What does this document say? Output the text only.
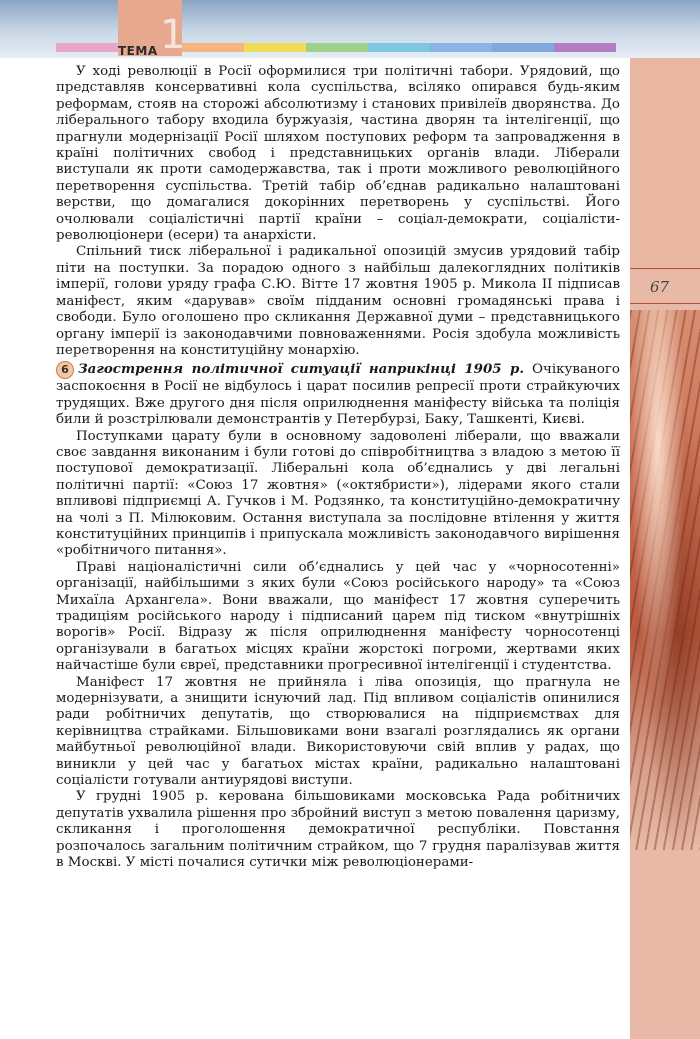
ТЕМА 1
67

У ході революції в Росії оформилися три політичні табори. Урядовий, що представляв консервативні кола суспільства, всіляко опирався будь-яким реформам, стояв на сторожі абсолютизму і станових привілеїв дворянства. До ліберального табору входила буржуазія, частина дворян та інтелігенції, що прагнули модернізації Росії шляхом поступових реформ та запровадження в країні політичних свобод і представницьких органів влади. Ліберали виступали як проти самодержавства, так і проти можливого революційного перетворення суспільства. Третій табір об’єднав радикально налаштовані верстви, що домагалися докорінних перетворень у суспільстві. Його очолювали соціалістичні партії країни – соціал-демократи, соціалісти-революціонери (есери) та анархісти.

Спільний тиск ліберальної і радикальної опозицій змусив урядовий табір піти на поступки. За порадою одного з найбільш далекоглядних політиків імперії, голови уряду графа С.Ю. Вітте 17 жовтня 1905 р. Микола II підписав маніфест, яким «дарував» своїм підданим основні громадянські права і свободи. Було оголошено про скликання Державної думи – представницького органу імперії із законодавчими повноваженнями. Росія здобула можливість перетворення на конституційну монархію.

6 Загострення політичної ситуації наприкінці 1905 р. Очікуваного заспокоєння в Росії не відбулось і царат посилив репресії проти страйкуючих трудящих. Вже другого дня після оприлюднення маніфесту війська та поліція били й розстрілювали демонстрантів у Петербурзі, Баку, Ташкенті, Києві.

Поступками царату були в основному задоволені ліберали, що вважали своє завдання виконаним і були готові до співробітництва з владою з метою її поступової демократизації. Ліберальні кола об’єднались у дві легальні політичні партії: «Союз 17 жовтня» («октябристи»), лідерами якого стали впливові підприємці А. Гучков і М. Родзянко, та конституційно-демократичну на чолі з П. Мілюковим. Остання виступала за послідовне втілення у життя конституційних принципів і припускала можливість законодавчого вирішення «робітничого питання».

Праві націоналістичні сили об’єднались у цей час у «чорносотенні» організації, найбільшими з яких були «Союз російського народу» та «Союз Михаїла Архангела». Вони вважали, що маніфест 17 жовтня суперечить традиціям російського народу і підписаний царем під тиском «внутрішніх ворогів» Росії. Відразу ж після оприлюднення маніфесту чорносотенці організували в багатьох місцях країни жорстокі погроми, жертвами яких найчастіше були євреї, представники прогресивної інтелігенції і студентства.

Маніфест 17 жовтня не прийняла і ліва опозиція, що прагнула не модернізувати, а знищити існуючий лад. Під впливом соціалістів опинилися ради робітничих депутатів, що створювалися на підприємствах для керівництва страйками. Більшовиками вони взагалі розглядались як органи майбутньої революційної влади. Використовуючи свій вплив у радах, що виникли у цей час у багатьох містах країни, радикально налаштовані соціалісти готували антиурядові виступи.

У грудні 1905 р. керована більшовиками московська Рада робітничих депутатів ухвалила рішення про збройний виступ з метою повалення царизму, скликання і проголошення демократичної республіки. Повстання розпочалось загальним політичним страйком, що 7 грудня паралізував життя в Москві. У місті почалися сутички між революціонерами-
